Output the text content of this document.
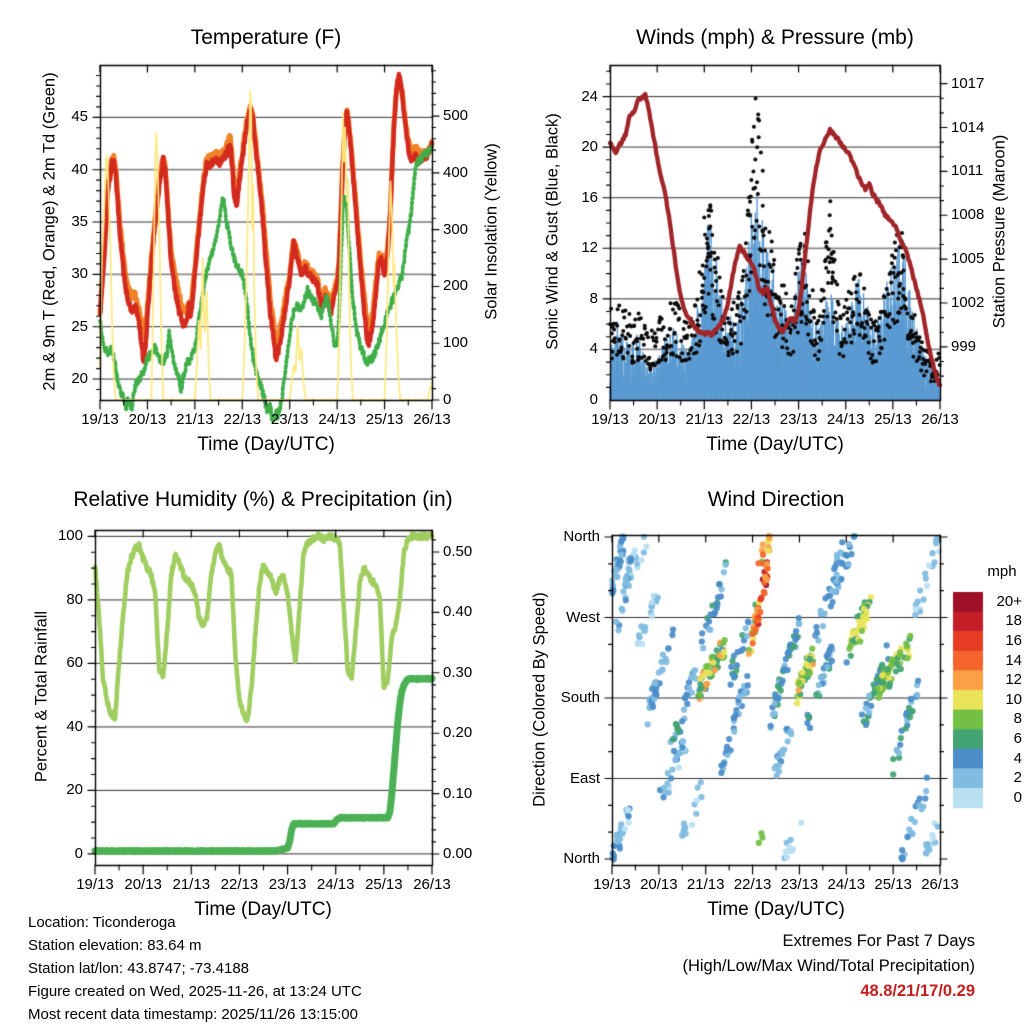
Temperature (F)	Winds (mph) & Pressure (mb)
Relative Humidity (%) & Precipitation (in)	Wind Direction
Time (Day/UTC)	Time (Day/UTC)
Time (Day/UTC)	Time (Day/UTC)
2m & 9m T (Red, Orange) & 2m Td (Green)	Solar Insolation (Yellow)	Sonic Wind & Gust (Blue, Black)	Station Pressure (Maroon)
Percent & Total Rainfall	Direction (Colored By Speed)
mph
19/13 20/13 21/13 22/13 23/13 24/13 25/13 26/13	19/13 20/13 21/13 22/13 23/13 24/13 25/13 26/13
19/13 20/13 21/13 22/13 23/13 24/13 25/13 26/13	19/13 20/13 21/13 22/13 23/13 24/13 25/13 26/13
20
25
30
35
40
45
0
100
200
300
400
500
0
4
8
12
16
20
24
999
1002
1005
1008
1011
1014
1017
0
20
40
60
80
100
0.00
0.10
0.20
0.30
0.40
0.50
North
West
South
East
North
20+
18
16
14
12
10
8
6
4
2
0
Location: Ticonderoga
Station elevation: 83.64 m
Station lat/lon: 43.8747; -73.4188
Figure created on Wed, 2025-11-26, at 13:24 UTC
Most recent data timestamp: 2025/11/26 13:15:00
Extremes For Past 7 Days
(High/Low/Max Wind/Total Precipitation)
48.8/21/17/0.29
